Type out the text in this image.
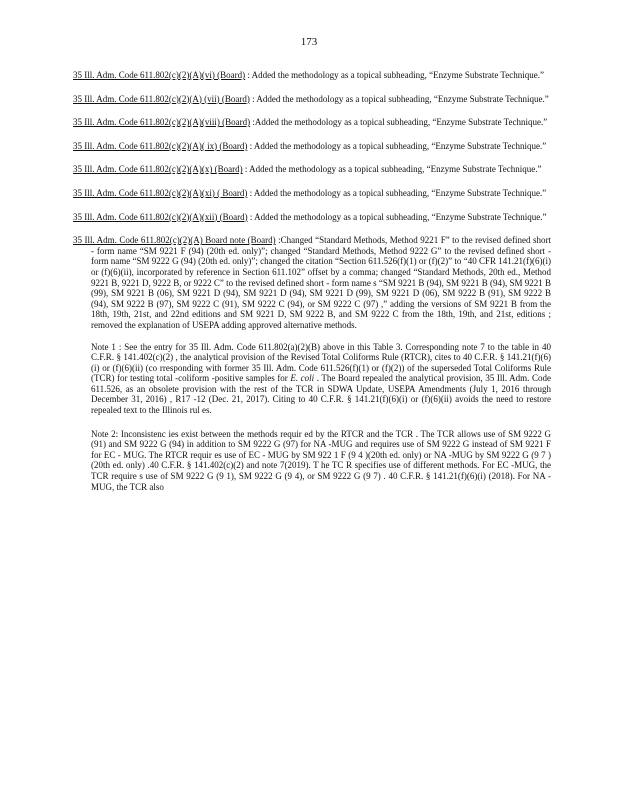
173

35 Ill. Adm. Code 611.802(c)(2)(A)(vi) (Board) : Added the methodology as a topical subheading, “Enzyme Substrate Technique.”

35 Ill. Adm. Code 611.802(c)(2)(A) (vii) (Board) : Added the methodology as a topical subheading, “Enzyme Substrate Technique.”

35 Ill. Adm. Code 611.802(c)(2)(A)(viii) (Board) :Added the methodology as a topical subheading, “Enzyme Substrate Technique.”

35 Ill. Adm. Code 611.802(c)(2)(A)( ix) (Board) : Added the methodology as a topical subheading, “Enzyme Substrate Technique.”

35 Ill. Adm. Code 611.802(c)(2)(A)(x) (Board) : Added the methodology as a topical subheading, “Enzyme Substrate Technique.”

35 Ill. Adm. Code 611.802(c)(2)(A)(xi) ( Board) : Added the methodology as a topical subheading, “Enzyme Substrate Technique.”

35 Ill. Adm. Code 611.802(c)(2)(A)(xii) (Board) : Added the methodology as a topical subheading, “Enzyme Substrate Technique.”

35 Ill. Adm. Code 611.802(c)(2)(A) Board note (Board) :Changed “Standard Methods, Method 9221 F” to the revised defined short - form name “SM 9221 F (94) (20th ed. only)”; changed “Standard Methods, Method 9222 G” to the revised defined short - form name “SM 9222 G (94) (20th ed. only)”; changed the citation “Section 611.526(f)(1) or (f)(2)” to “40 CFR 141.21(f)(6)(i) or (f)(6)(ii), incorporated by reference in Section 611.102” offset by a comma; changed “Standard Methods, 20th ed., Method 9221 B, 9221 D, 9222 B, or 9222 C” to the revised defined short - form name s “SM 9221 B (94), SM 9221 B (94), SM 9221 B (99), SM 9221 B (06), SM 9221 D (94), SM 9221 D (94), SM 9221 D (99), SM 9221 D (06), SM 9222 B (91), SM 9222 B (94), SM 9222 B (97), SM 9222 C (91), SM 9222 C (94), or SM 9222 C (97) ,” adding the versions of SM 9221 B from the 18th, 19th, 21st, and 22nd editions and SM 9221 D, SM 9222 B, and SM 9222 C from the 18th, 19th, and 21st, editions ; removed the explanation of USEPA adding approved alternative methods.

Note 1 : See the entry for 35 Ill. Adm. Code 611.802(a)(2)(B) above in this Table 3. Corresponding note 7 to the table in 40 C.F.R. § 141.402(c)(2) , the analytical provision of the Revised Total Coliforms Rule (RTCR), cites to 40 C.F.R. § 141.21(f)(6)(i) or (f)(6)(ii) (co rresponding with former 35 Ill. Adm. Code 611.526(f)(1) or (f)(2)) of the superseded Total Coliforms Rule (TCR) for testing total -coliform -positive samples for E. coli . The Board repealed the analytical provision, 35 Ill. Adm. Code 611.526, as an obsolete provision with the rest of the TCR in SDWA Update, USEPA Amendments (July 1, 2016 through December 31, 2016) , R17 -12 (Dec. 21, 2017). Citing to 40 C.F.R. § 141.21(f)(6)(i) or (f)(6)(ii) avoids the need to restore repealed text to the Illinois rul es.

Note 2: Inconsistenc ies exist between the methods requir ed by the RTCR and the TCR . The TCR allows use of SM 9222 G (91) and SM 9222 G (94) in addition to SM 9222 G (97) for NA -MUG and requires use of SM 9222 G instead of SM 9221 F for EC - MUG. The RTCR requir es use of EC - MUG by SM 922 1 F (9 4 )(20th ed. only) or NA -MUG by SM 9222 G (9 7 )(20th ed. only) .40 C.F.R. § 141.402(c)(2) and note 7(2019). T he TC R specifies use of different methods. For EC -MUG, the TCR require s use of SM 9222 G (9 1), SM 9222 G (9 4), or SM 9222 G (9 7) . 40 C.F.R. § 141.21(f)(6)(i) (2018). For NA - MUG, the TCR also
